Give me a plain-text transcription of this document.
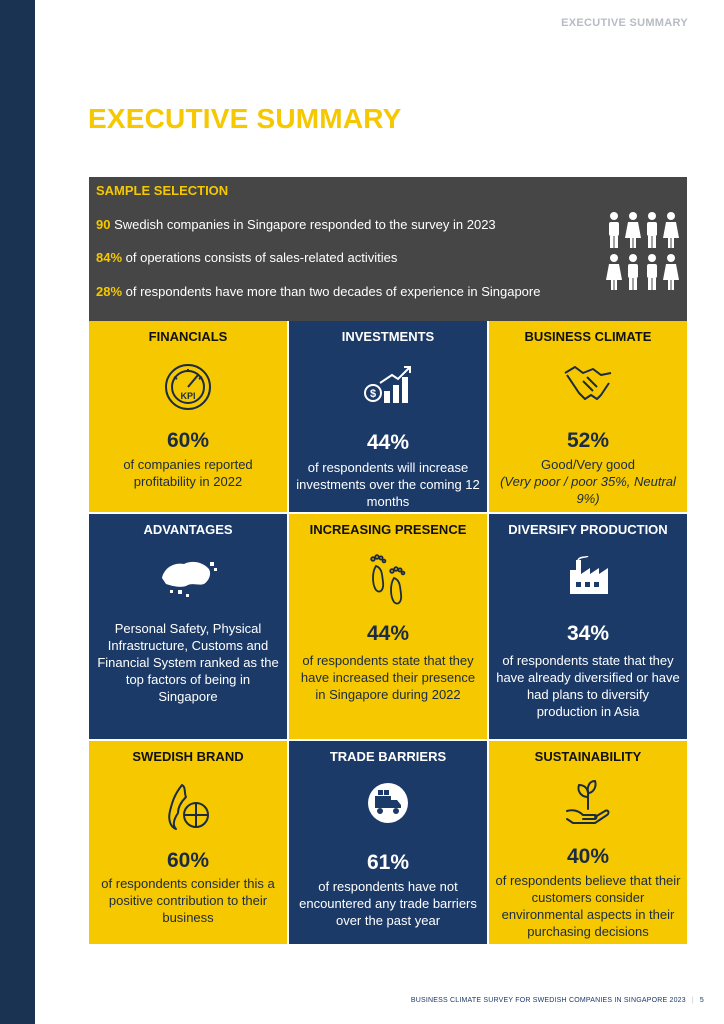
EXECUTIVE SUMMARY
EXECUTIVE SUMMARY
SAMPLE SELECTION
90 Swedish companies in Singapore responded to the survey in 2023
84% of operations consists of sales-related activities
28% of respondents have more than two decades of experience in Singapore
FINANCIALS
KPI
60%
of companies reported profitability in 2022
INVESTMENTS
$
44%
of respondents will increase investments over the coming 12 months
BUSINESS CLIMATE
52%
Good/Very good
(Very poor / poor 35%, Neutral 9%)
ADVANTAGES
Personal Safety, Physical Infrastructure, Customs and Financial System ranked as the top factors of being in Singapore
INCREASING PRESENCE
44%
of respondents state that they have increased their presence in Singapore during 2022
DIVERSIFY PRODUCTION
34%
of respondents state that they have already diversified or have had plans to diversify production in Asia
SWEDISH BRAND
60%
of respondents consider this a positive contribution to their business
TRADE BARRIERS
61%
of respondents have not encountered any trade barriers over the past year
SUSTAINABILITY
40%
of respondents believe that their customers consider environmental aspects in their purchasing decisions
BUSINESS CLIMATE SURVEY FOR SWEDISH COMPANIES IN SINGAPORE 2023 | 5
